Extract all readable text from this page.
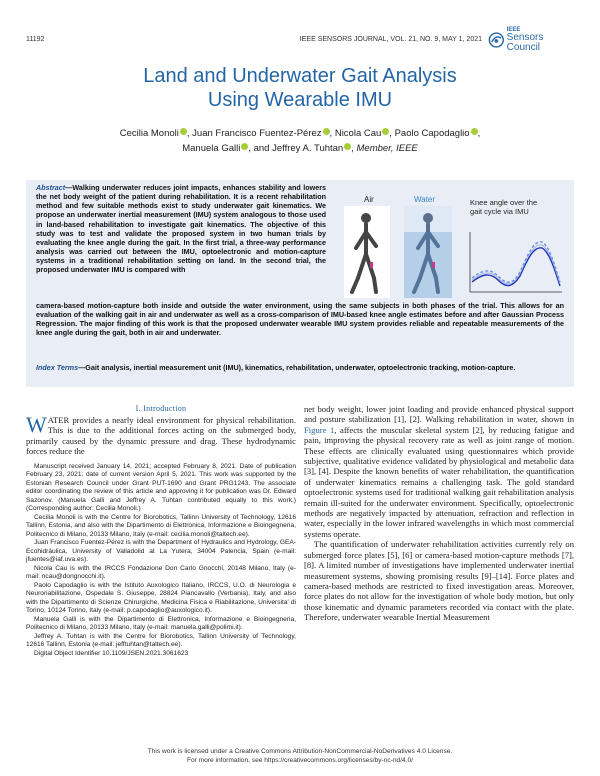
11192	IEEE SENSORS JOURNAL, VOL. 21, NO. 9, MAY 1, 2021
IEEE
Sensors Council
Land and Underwater Gait Analysis
Using Wearable IMU
Cecilia Monoli , Juan Francisco Fuentez-Pérez , Nicola Cau , Paolo Capodaglio ,
Manuela Galli , and Jeffrey A. Tuhtan , Member, IEEE
Abstract—Walking underwater reduces joint impacts, enhances stability and lowers the net body weight of the patient during rehabilitation. It is a recent rehabilitation method and few suitable methods exist to study underwater gait kinematics. We propose an underwater inertial measurement (IMU) system analogous to those used in land-based rehabilitation to investigate gait kinematics. The objective of this study was to test and validate the proposed system in two human trials by evaluating the knee angle during the gait. In the first trial, a three-way performance analysis was carried out between the IMU, optoelectronic and motion-capture systems in a traditional rehabilitation setting on land. In the second trial, the proposed underwater IMU is compared with
Air	Water	Knee angle over the
gait cycle via IMU
camera-based motion-capture both inside and outside the water environment, using the same subjects in both phases of the trial. This allows for an evaluation of the walking gait in air and underwater as well as a cross-comparison of IMU-based knee angle estimates before and after Gaussian Process Regression. The major finding of this work is that the proposed underwater wearable IMU system provides reliable and repeatable measurements of the knee angle during the gait, both in air and underwater.
Index Terms—Gait analysis, inertial measurement unit (IMU), kinematics, rehabilitation, underwater, optoelectronic tracking, motion-capture.
I. Introduction
WATER provides a nearly ideal environment for physical rehabilitation. This is due to the additional forces acting on the submerged body, primarily caused by the dynamic pressure and drag. These hydrodynamic forces reduce the

Manuscript received January 14, 2021; accepted February 8, 2021. Date of publication February 23, 2021; date of current version April 5, 2021. This work was supported by the Estonian Research Council under Grant PUT-1690 and Grant PRG1243. The associate editor coordinating the review of this article and approving it for publication was Dr. Edward Sazonov. (Manuela Galli and Jeffrey A. Tuhtan contributed equally to this work.) (Corresponding author: Cecilia Monoli.)

Cecilia Monoli is with the Centre for Biorobotics, Tallinn University of Technology, 12616 Tallinn, Estonia, and also with the Dipartimento di Elettronica, Informazione e Bioingegneria, Politecnico di Milano, 20133 Milano, Italy (e-mail: cecilia.monoli@taltech.ee).

Juan Francisco Fuentez-Pérez is with the Department of Hydraulics and Hydrology, GEA-Ecohidráulica, University of Valladolid at La Yutera, 34004 Palencia, Spain (e-mail: jfuentes@iaf.uva.es).

Nicola Cau is with the IRCCS Fondazione Don Carlo Gnocchi, 20148 Milano, Italy (e-mail: ncau@dongnocchi.it).

Paolo Capodaglio is with the Istituto Auxologico Italiano, IRCCS, U.O. di Neurologia e Neuroriabilitazione, Ospedale S. Giuseppe, 28824 Piancavallo (Verbania), Italy, and also with the Dipartimento di Scienze Chirurgiche, Medicina Fisica e Riabilitazione, Universita' di Torino, 10124 Torino, Italy (e-mail: p.capodaglio@auxologico.it).

Manuela Galli is with the Dipartimento di Elettronica, Informazione e Bioingegneria, Politecnico di Milano, 20133 Milano, Italy (e-mail: manuela.galli@polimi.it).

Jeffrey A. Tuhtan is with the Centre for Biorobotics, Tallinn University of Technology, 12616 Tallinn, Estonia (e-mail: jefftuhtan@taltech.ee).

Digital Object Identifier 10.1109/JSEN.2021.3061623

net body weight, lower joint loading and provide enhanced physical support and posture stabilization [1], [2]. Walking rehabilitation in water, shown in Figure 1, affects the muscular skeletal system [2], by reducing fatigue and pain, improving the physical recovery rate as well as joint range of motion. These effects are clinically evaluated using questionnaires which provide subjective, qualitative evidence validated by physiological and metabolic data [3], [4]. Despite the known benefits of water rehabilitation, the quantification of underwater kinematics remains a challenging task. The gold standard optoelectronic systems used for traditional walking gait rehabilitation analysis remain ill-suited for the underwater environment. Specifically, optoelectronic methods are negatively impacted by attenuation, refraction and reflection in water, especially in the lower infrared wavelengths in which most commercial systems operate.
The quantification of underwater rehabilitation activities currently rely on submerged force plates [5], [6] or camera-based motion-capture methods [7], [8]. A limited number of investigations have implemented underwater inertial measurement systems, showing promising results [9]–[14]. Force plates and camera-based methods are restricted to fixed investigation areas. Moreover, force plates do not allow for the investigation of whole body motion, but only those kinematic and dynamic parameters recorded via contact with the plate. Therefore, underwater wearable Inertial Measurement
This work is licensed under a Creative Commons Attribution-NonCommercial-NoDerivatives 4.0 License.
For more information, see https://creativecommons.org/licenses/by-nc-nd/4.0/
